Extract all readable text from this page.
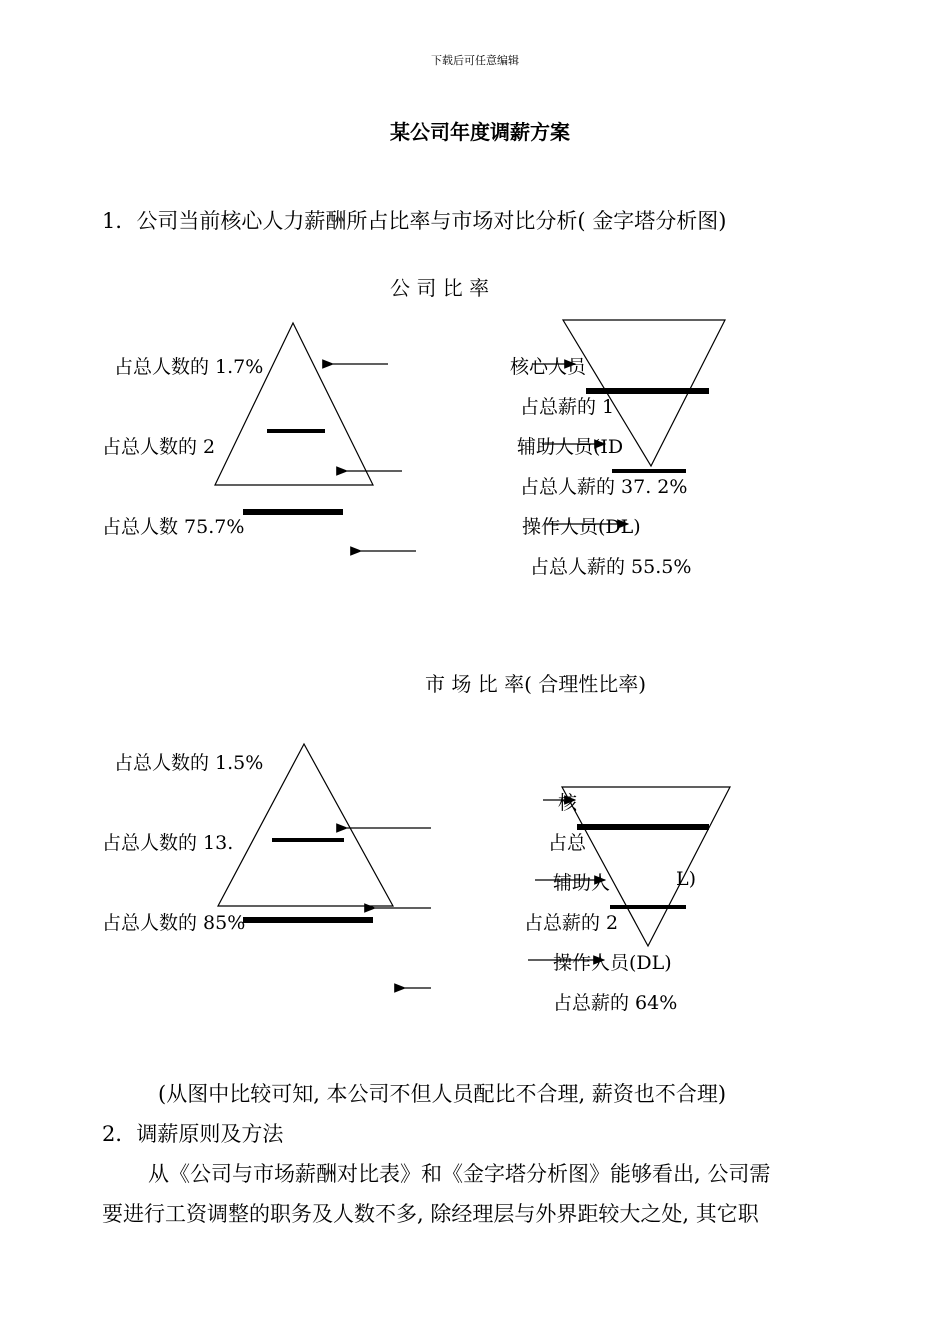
下载后可任意编辑
某公司年度调薪方案
1．公司当前核心人力薪酬所占比率与市场对比分析( 金字塔分析图)
公 司 比 率
占总人数的 1.7%
占总人数的 2
占总人数 75.7%
核心人员
占总薪的 1
辅助人员(ID
占总人薪的 37. 2%
操作人员(DL)
占总人薪的 55.5%
市 场 比 率( 合理性比率)
占总人数的 1.5%
占总人数的 13.
占总人数的 85%
核
占总
辅助人	L)
占总薪的 2
操作人员(DL)
占总薪的 64%
(从图中比较可知, 本公司不但人员配比不合理, 薪资也不合理)
2．调薪原则及方法
从《公司与市场薪酬对比表》和《金字塔分析图》能够看出, 公司需
要进行工资调整的职务及人数不多, 除经理层与外界距较大之处, 其它职
